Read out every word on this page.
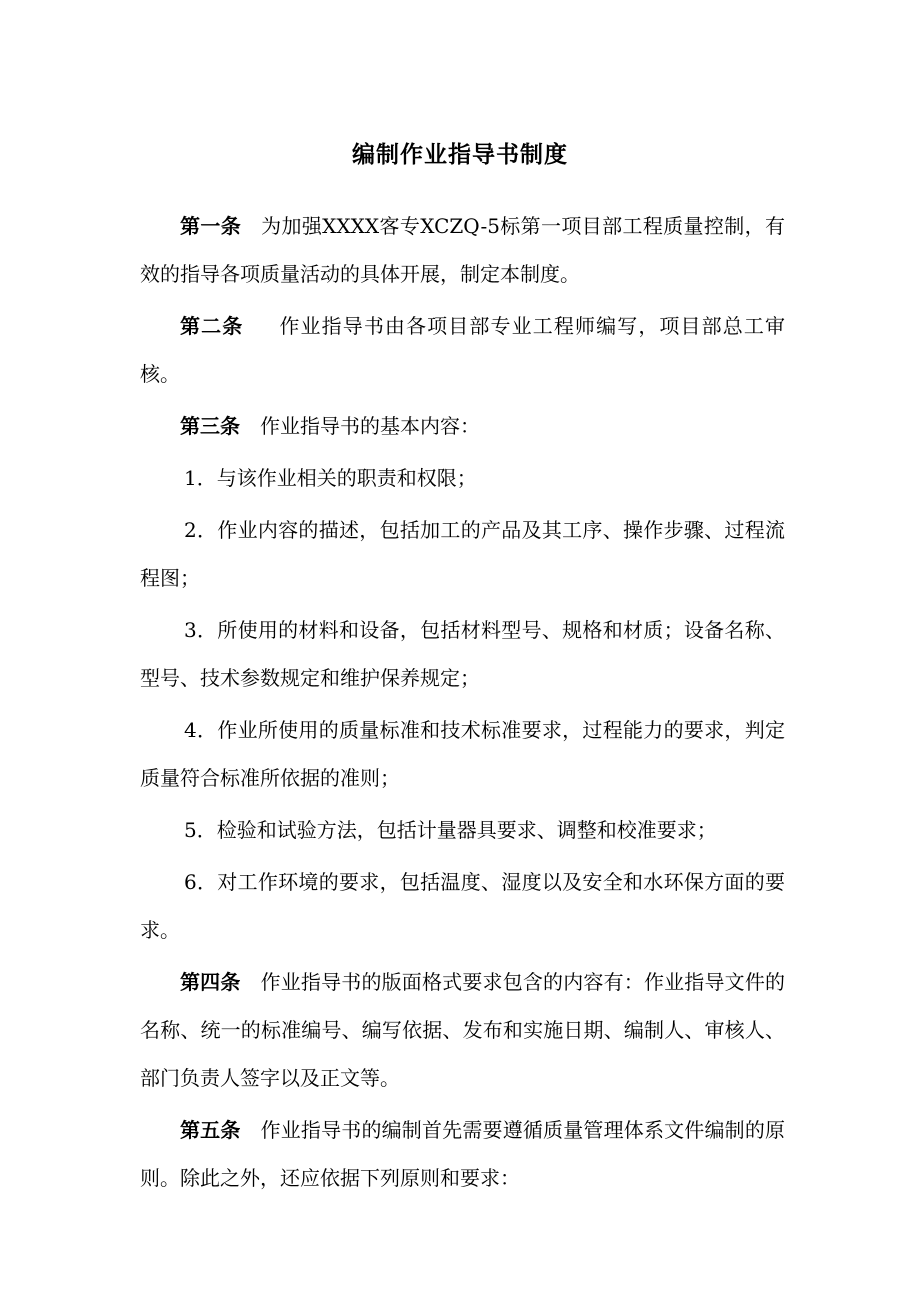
编制作业指导书制度

第一条 为加强XXXX客专XCZQ-5标第一项目部工程质量控制，有效的指导各项质量活动的具体开展，制定本制度。

第二条 作业指导书由各项目部专业工程师编写，项目部总工审核。

第三条 作业指导书的基本内容：

1．与该作业相关的职责和权限；

2．作业内容的描述，包括加工的产品及其工序、操作步骤、过程流程图；

3．所使用的材料和设备，包括材料型号、规格和材质；设备名称、型号、技术参数规定和维护保养规定；

4．作业所使用的质量标准和技术标准要求，过程能力的要求，判定质量符合标准所依据的准则；

5．检验和试验方法，包括计量器具要求、调整和校准要求；

6．对工作环境的要求，包括温度、湿度以及安全和水环保方面的要求。

第四条 作业指导书的版面格式要求包含的内容有：作业指导文件的名称、统一的标准编号、编写依据、发布和实施日期、编制人、审核人、部门负责人签字以及正文等。

第五条 作业指导书的编制首先需要遵循质量管理体系文件编制的原则。除此之外，还应依据下列原则和要求：
